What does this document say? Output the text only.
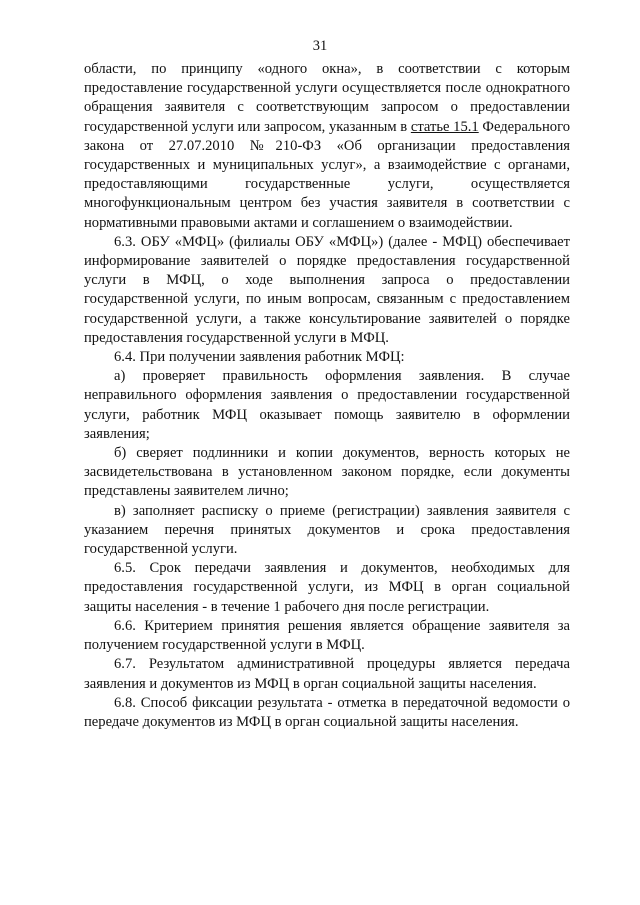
31

области, по принципу «одного окна», в соответствии с которым предоставление государственной услуги осуществляется после однократного обращения заявителя с соответствующим запросом о предоставлении государственной услуги или запросом, указанным в статье 15.1 Федерального закона от 27.07.2010 №210-ФЗ «Об организации предоставления государственных и муниципальных услуг», а взаимодействие с органами, предоставляющими государственные услуги, осуществляется многофункциональным центром без участия заявителя в соответствии с нормативными правовыми актами и соглашением о взаимодействии.

6.3. ОБУ «МФЦ» (филиалы ОБУ «МФЦ») (далее - МФЦ) обеспечивает информирование заявителей о порядке предоставления государственной услуги в МФЦ, о ходе выполнения запроса о предоставлении государственной услуги, по иным вопросам, связанным с предоставлением государственной услуги, а также консультирование заявителей о порядке предоставления государственной услуги в МФЦ.

6.4. При получении заявления работник МФЦ:

а) проверяет правильность оформления заявления. В случае неправильного оформления заявления о предоставлении государственной услуги, работник МФЦ оказывает помощь заявителю в оформлении заявления;

б) сверяет подлинники и копии документов, верность которых не засвидетельствована в установленном законом порядке, если документы представлены заявителем лично;

в) заполняет расписку о приеме (регистрации) заявления заявителя с указанием перечня принятых документов и срока предоставления государственной услуги.

6.5. Срок передачи заявления и документов, необходимых для предоставления государственной услуги, из МФЦ в орган социальной защиты населения - в течение 1 рабочего дня после регистрации.

6.6. Критерием принятия решения является обращение заявителя за получением государственной услуги в МФЦ.

6.7. Результатом административной процедуры является передача заявления и документов из МФЦ в орган социальной защиты населения.

6.8. Способ фиксации результата - отметка в передаточной ведомости о передаче документов из МФЦ в орган социальной защиты населения.
